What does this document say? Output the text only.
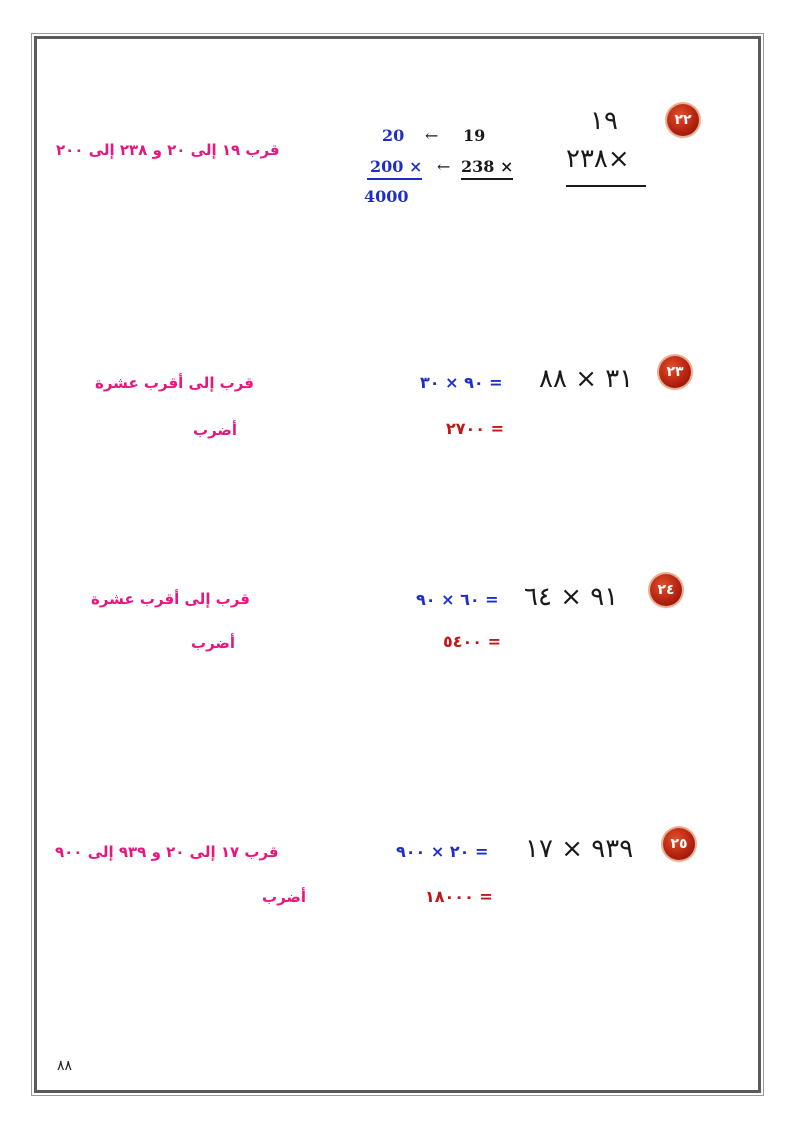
٢٢
١٩
٢٣٨×
20 ← 19
200 × ← 238 ×
4000
قرب ١٩ إلى ٢٠ و ٢٣٨ إلى ٢٠٠
٢٣
٣١ × ٨٨
= ٩٠ × ٣٠
= ٢٧٠٠
قرب إلى أقرب عشرة
أضرب
٢٤
٩١ × ٦٤
= ٦٠ × ٩٠
= ٥٤٠٠
قرب إلى أقرب عشرة
أضرب
٢٥
٩٣٩ × ١٧
= ٢٠ × ٩٠٠
= ١٨٠٠٠
قرب ١٧ إلى ٢٠ و ٩٣٩ إلى ٩٠٠
أضرب
٨٨
